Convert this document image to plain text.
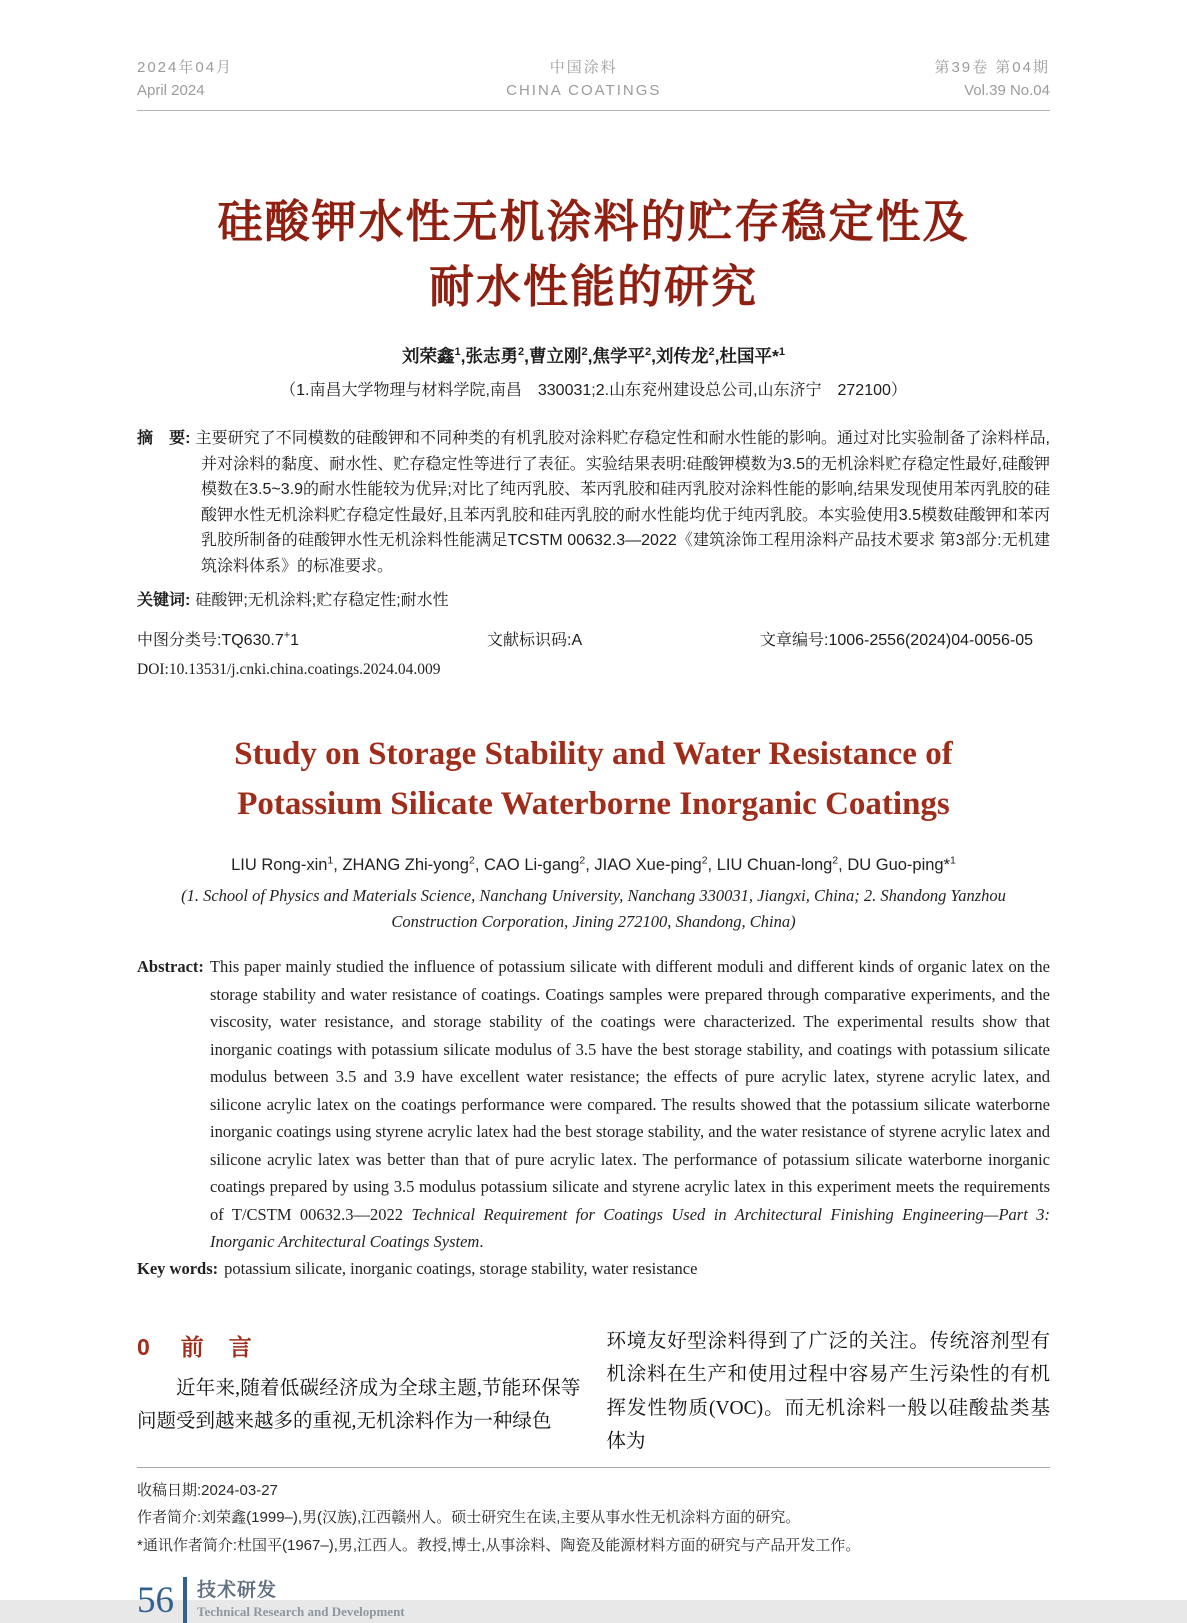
2024年04月
April 2024
中国涂料
CHINA COATINGS
第39卷 第04期
Vol.39 No.04
硅酸钾水性无机涂料的贮存稳定性及
耐水性能的研究
刘荣鑫$^1$,张志勇$^2$,曹立刚$^2$,焦学平$^2$,刘传龙$^2$,杜国平*$^1$
（1.南昌大学物理与材料学院,南昌　330031;2.山东兖州建设总公司,山东济宁　272100）

摘　要: 主要研究了不同模数的硅酸钾和不同种类的有机乳胶对涂料贮存稳定性和耐水性能的影响。通过对比实验制备了涂料样品,并对涂料的黏度、耐水性、贮存稳定性等进行了表征。实验结果表明:硅酸钾模数为3.5的无机涂料贮存稳定性最好,硅酸钾模数在3.5~3.9的耐水性能较为优异;对比了纯丙乳胶、苯丙乳胶和硅丙乳胶对涂料性能的影响,结果发现使用苯丙乳胶的硅酸钾水性无机涂料贮存稳定性最好,且苯丙乳胶和硅丙乳胶的耐水性能均优于纯丙乳胶。本实验使用3.5模数硅酸钾和苯丙乳胶所制备的硅酸钾水性无机涂料性能满足TCSTM 00632.3—2022《建筑涂饰工程用涂料产品技术要求 第3部分:无机建筑涂料体系》的标准要求。

关键词: 硅酸钾;无机涂料;贮存稳定性;耐水性

中图分类号:TQ630.7+1	文献标识码:A	文章编号:1006-2556(2024)04-0056-05
DOI:10.13531/j.cnki.china.coatings.2024.04.009
Study on Storage Stability and Water Resistance of
Potassium Silicate Waterborne Inorganic Coatings
LIU Rong-xin$^1$, ZHANG Zhi-yong$^2$, CAO Li-gang$^2$, JIAO Xue-ping$^2$, LIU Chuan-long$^2$, DU Guo-ping*$^1$
(1. School of Physics and Materials Science, Nanchang University, Nanchang 330031, Jiangxi, China; 2. Shandong Yanzhou Construction Corporation, Jining 272100, Shandong, China)

Abstract: This paper mainly studied the influence of potassium silicate with different moduli and different kinds of organic latex on the storage stability and water resistance of coatings. Coatings samples were prepared through comparative experiments, and the viscosity, water resistance, and storage stability of the coatings were characterized. The experimental results show that inorganic coatings with potassium silicate modulus of 3.5 have the best storage stability, and coatings with potassium silicate modulus between 3.5 and 3.9 have excellent water resistance; the effects of pure acrylic latex, styrene acrylic latex, and silicone acrylic latex on the coatings performance were compared. The results showed that the potassium silicate waterborne inorganic coatings using styrene acrylic latex had the best storage stability, and the water resistance of styrene acrylic latex and silicone acrylic latex was better than that of pure acrylic latex. The performance of potassium silicate waterborne inorganic coatings prepared by using 3.5 modulus potassium silicate and styrene acrylic latex in this experiment meets the requirements of T/CSTM 00632.3—2022 Technical Requirement for Coatings Used in Architectural Finishing Engineering—Part 3: Inorganic Architectural Coatings System.

Key words: potassium silicate, inorganic coatings, storage stability, water resistance

0 前　言

近年来,随着低碳经济成为全球主题,节能环保等问题受到越来越多的重视,无机涂料作为一种绿色

环境友好型涂料得到了广泛的关注。传统溶剂型有机涂料在生产和使用过程中容易产生污染性的有机挥发性物质(VOC)。而无机涂料一般以硅酸盐类基体为

收稿日期:2024-03-27

作者简介:刘荣鑫(1999–),男(汉族),江西赣州人。硕士研究生在读,主要从事水性无机涂料方面的研究。

*通讯作者简介:杜国平(1967–),男,江西人。教授,博士,从事涂料、陶瓷及能源材料方面的研究与产品开发工作。

56 技术研发
Technical Research and Development
